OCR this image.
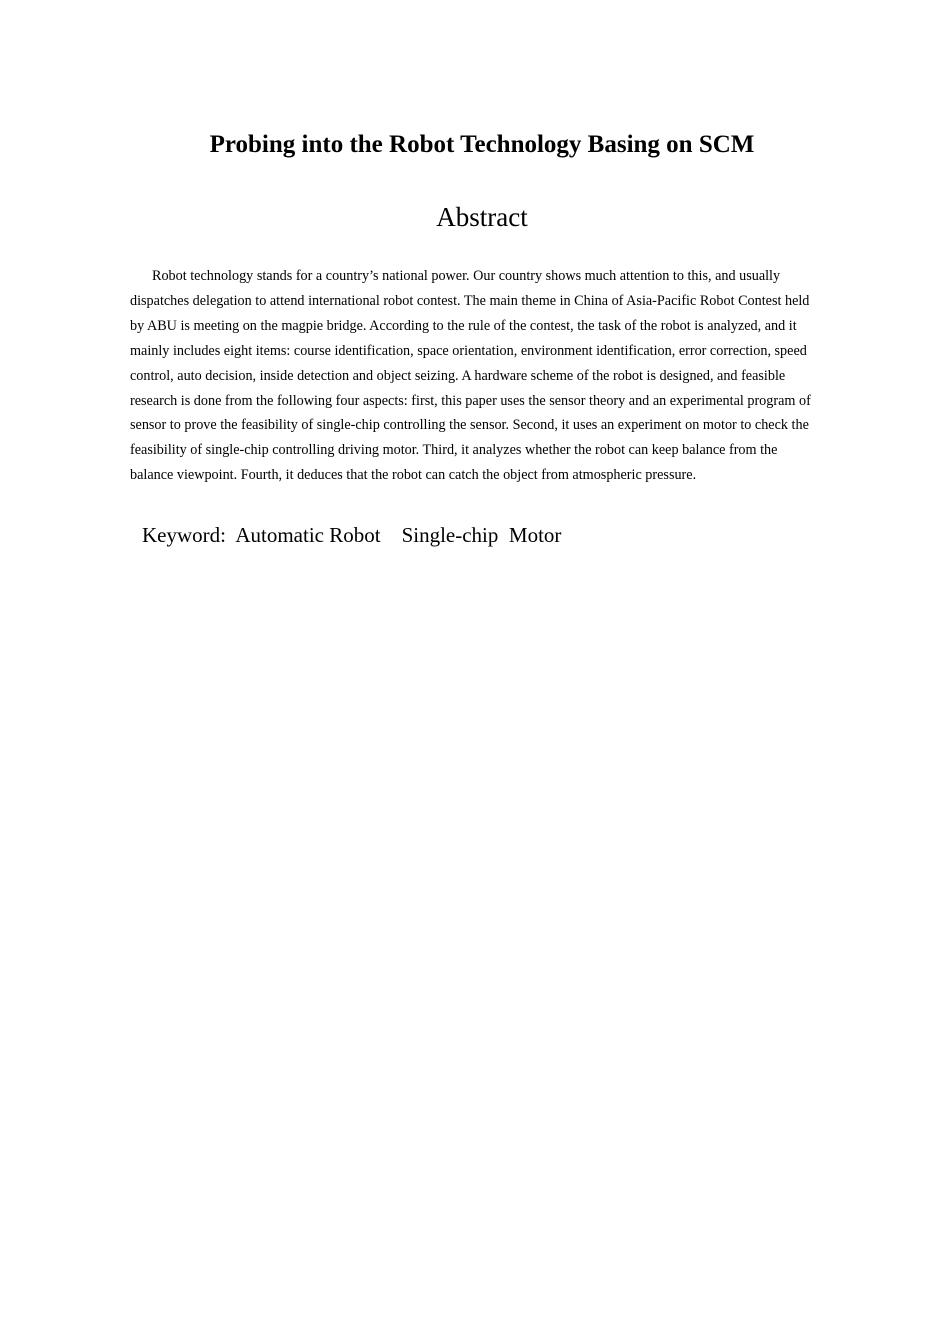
Probing into the Robot Technology Basing on SCM
Abstract

Robot technology stands for a country’s national power. Our country shows much attention to this, and usually dispatches delegation to attend international robot contest. The main theme in China of Asia-Pacific Robot Contest held by ABU is meeting on the magpie bridge. According to the rule of the contest, the task of the robot is analyzed, and it mainly includes eight items: course identification, space orientation, environment identification, error correction, speed control, auto decision, inside detection and object seizing. A hardware scheme of the robot is designed, and feasible research is done from the following four aspects: first, this paper uses the sensor theory and an experimental program of sensor to prove the feasibility of single-chip controlling the sensor. Second, it uses an experiment on motor to check the feasibility of single-chip controlling driving motor. Third, it analyzes whether the robot can keep balance from the balance viewpoint. Fourth, it deduces that the robot can catch the object from atmospheric pressure.

Keyword: Automatic Robot Single-chip Motor
